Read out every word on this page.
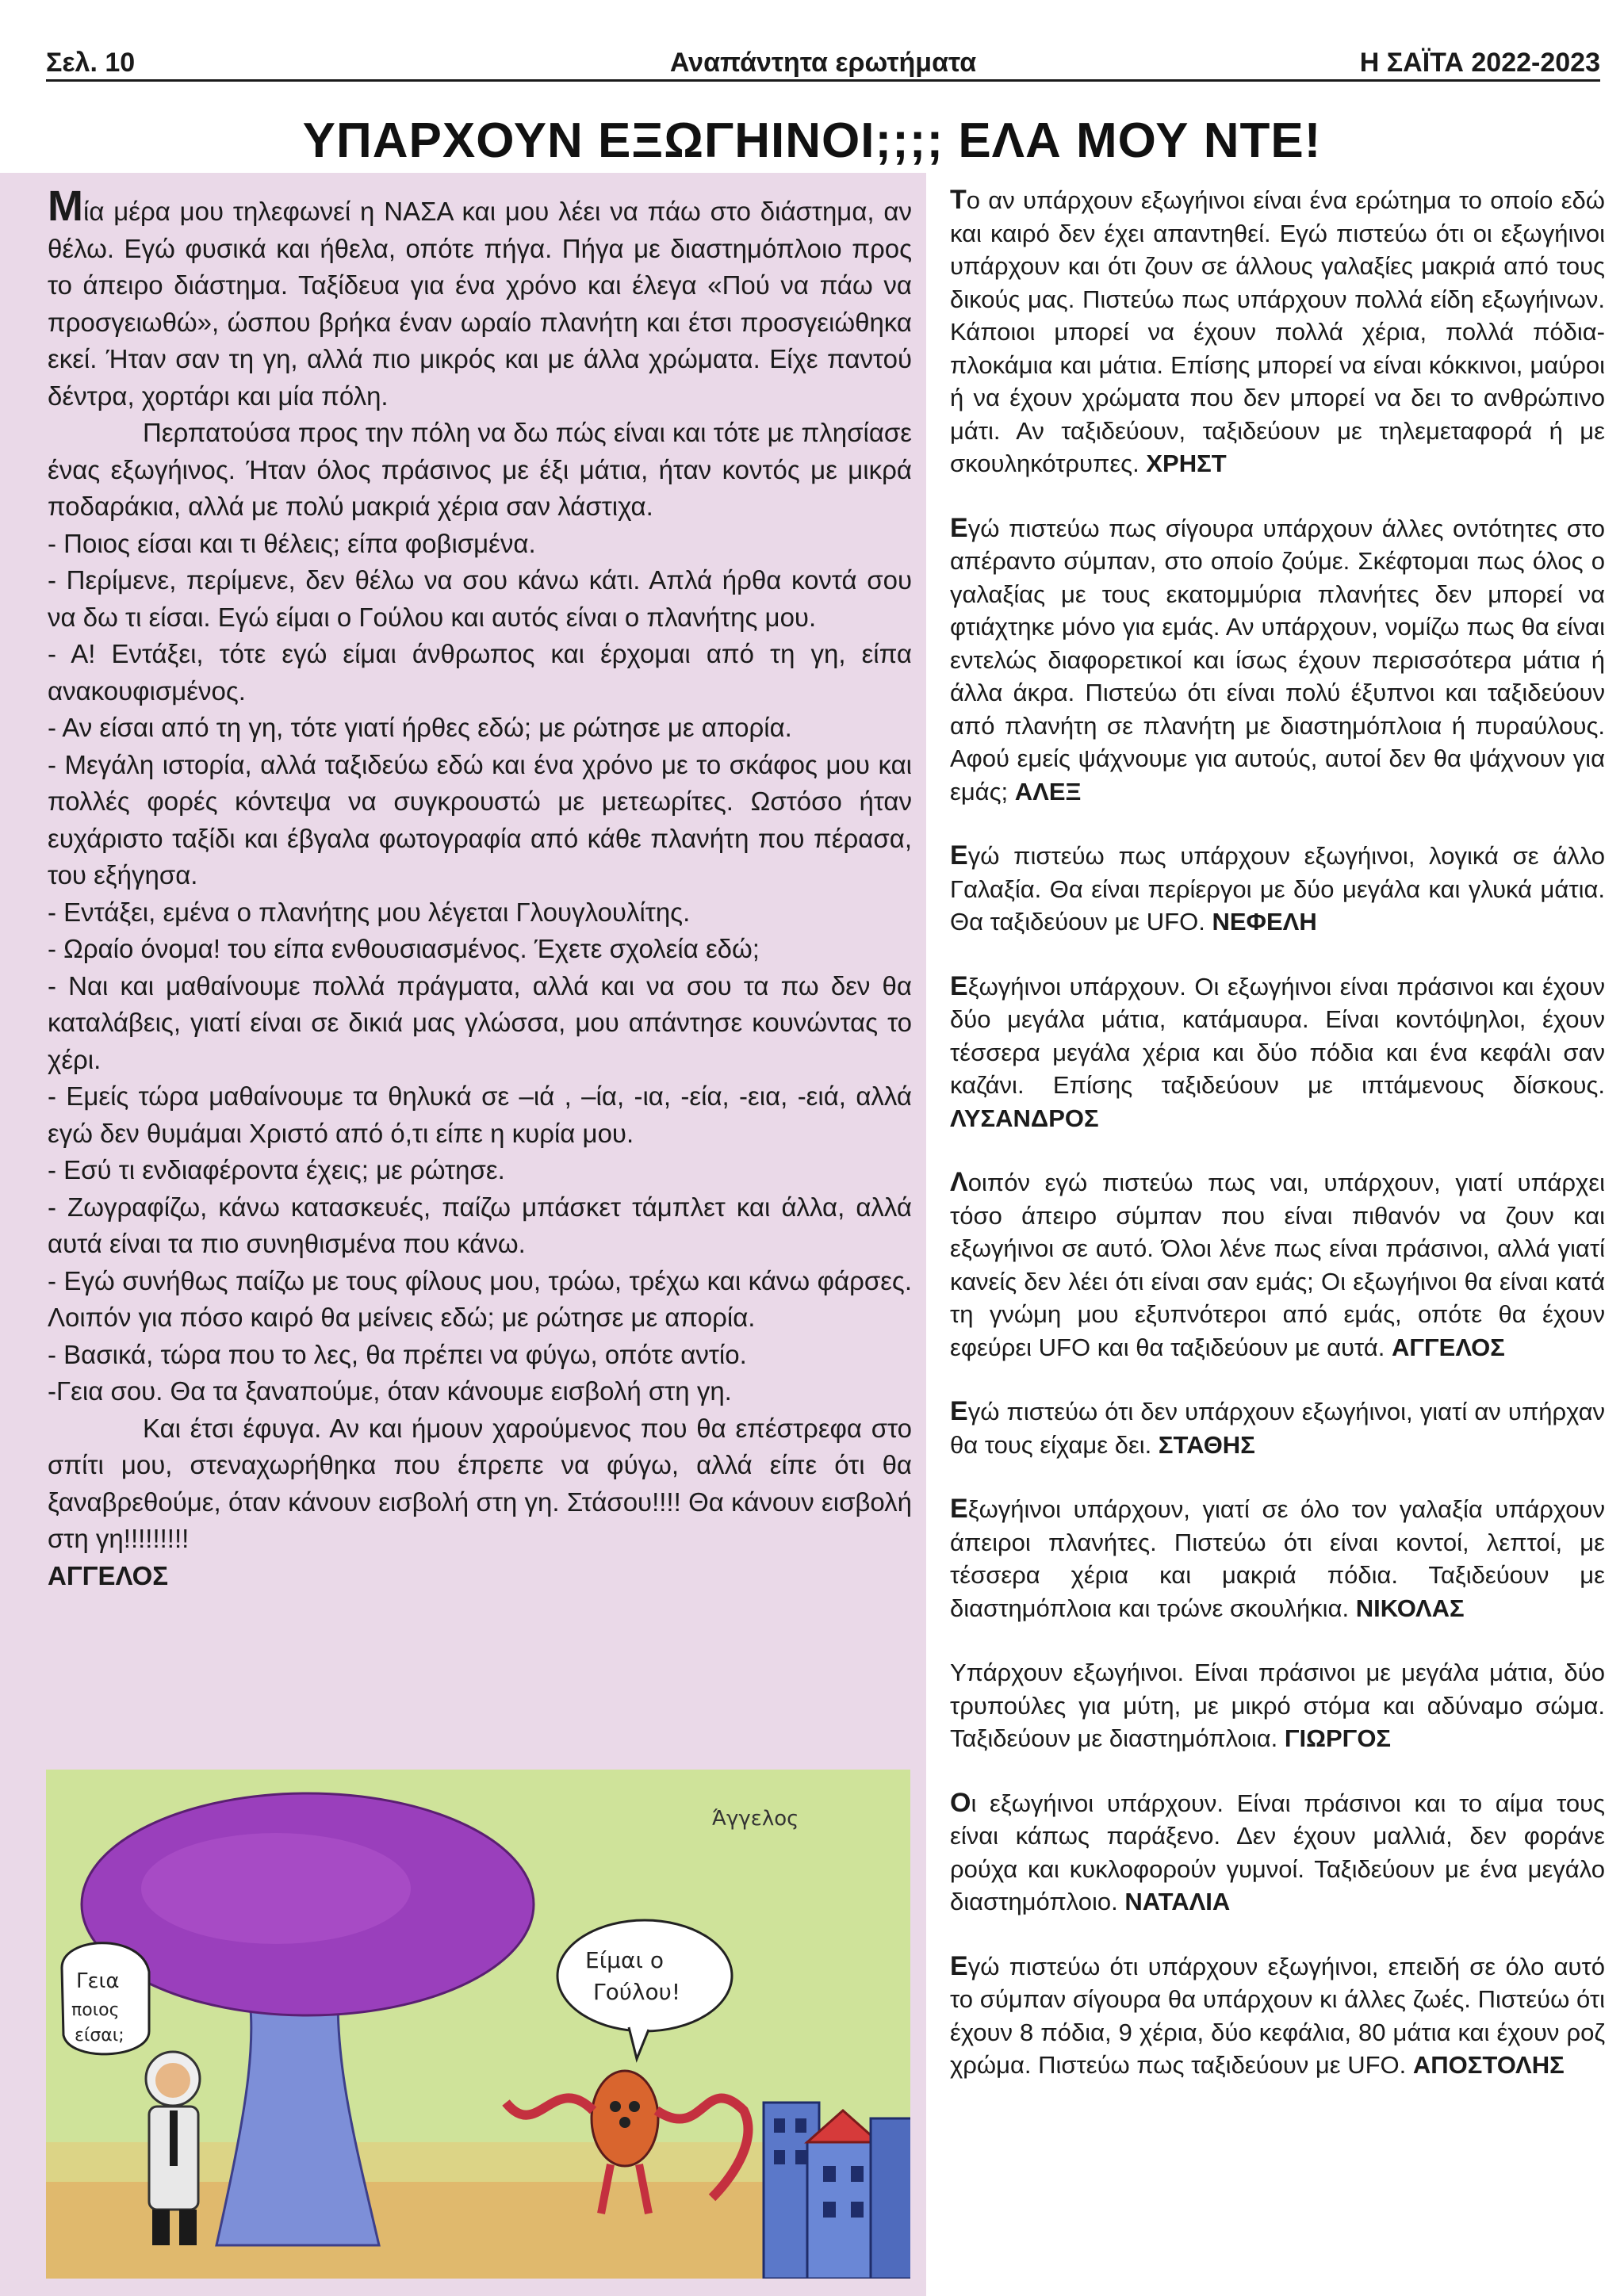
Σελ. 10	Αναπάντητα ερωτήματα	Η ΣΑΪΤΑ 2022-2023
ΥΠΑΡΧΟΥΝ ΕΞΩΓΗΙΝΟΙ;;;; ΕΛΑ ΜΟΥ ΝΤΕ!

Μία μέρα μου τηλεφωνεί η ΝΑΣΑ και μου λέει να πάω στο διάστημα, αν θέλω. Εγώ φυσικά και ήθελα, οπότε πήγα. Πήγα με διαστημόπλοιο προς το άπειρο διάστημα. Ταξίδευα για ένα χρόνο και έλεγα «Πού να πάω να προσγειωθώ», ώσπου βρήκα έναν ωραίο πλανήτη και έτσι προσγειώθηκα εκεί. Ήταν σαν τη γη, αλλά πιο μικρός και με άλλα χρώματα. Είχε παντού δέντρα, χορτάρι και μία πόλη.

Περπατούσα προς την πόλη να δω πώς είναι και τότε με πλησίασε ένας εξωγήινος. Ήταν όλος πράσινος με έξι μάτια, ήταν κοντός με μικρά ποδαράκια, αλλά με πολύ μακριά χέρια σαν λάστιχα.

- Ποιος είσαι και τι θέλεις; είπα φοβισμένα.

- Περίμενε, περίμενε, δεν θέλω να σου κάνω κάτι. Απλά ήρθα κοντά σου να δω τι είσαι. Εγώ είμαι ο Γούλου και αυτός είναι ο πλανήτης μου.

- Α! Εντάξει, τότε εγώ είμαι άνθρωπος και έρχομαι από τη γη, είπα ανακουφισμένος.

- Αν είσαι από τη γη, τότε γιατί ήρθες εδώ; με ρώτησε με απορία.

- Μεγάλη ιστορία, αλλά ταξιδεύω εδώ και ένα χρόνο με το σκάφος μου και πολλές φορές κόντεψα να συγκρουστώ με μετεωρίτες. Ωστόσο ήταν ευχάριστο ταξίδι και έβγαλα φωτογραφία από κάθε πλανήτη που πέρασα, του εξήγησα.

- Εντάξει, εμένα ο πλανήτης μου λέγεται Γλουγλουλίτης.

- Ωραίο όνομα! του είπα ενθουσιασμένος. Έχετε σχολεία εδώ;

- Ναι και μαθαίνουμε πολλά πράγματα, αλλά και να σου τα πω δεν θα καταλάβεις, γιατί είναι σε δικιά μας γλώσσα, μου απάντησε κουνώντας το χέρι.

- Εμείς τώρα μαθαίνουμε τα θηλυκά σε –ιά , –ία, -ια, -εία, -εια, -ειά, αλλά εγώ δεν θυμάμαι Χριστό από ό,τι είπε η κυρία μου.

- Εσύ τι ενδιαφέροντα έχεις; με ρώτησε.

- Ζωγραφίζω, κάνω κατασκευές, παίζω μπάσκετ τάμπλετ και άλλα, αλλά αυτά είναι τα πιο συνηθισμένα που κάνω.

- Εγώ συνήθως παίζω με τους φίλους μου, τρώω, τρέχω και κάνω φάρσες. Λοιπόν για πόσο καιρό θα μείνεις εδώ; με ρώτησε με απορία.

- Βασικά, τώρα που το λες, θα πρέπει να φύγω, οπότε αντίο.

-Γεια σου. Θα τα ξαναπούμε, όταν κάνουμε εισβολή στη γη.

Και έτσι έφυγα. Αν και ήμουν χαρούμενος που θα επέστρεφα στο σπίτι μου, στεναχωρήθηκα που έπρεπε να φύγω, αλλά είπε ότι θα ξαναβρεθούμε, όταν κάνουν εισβολή στη γη. Στάσου!!!! Θα κάνουν εισβολή στη γη!!!!!!!!!

ΑΓΓΕΛΟΣ

Γεια
ποιος
είσαι;
Είμαι ο
Γούλου!
Άγγελος

Το αν υπάρχουν εξωγήινοι είναι ένα ερώτημα το οποίο εδώ και καιρό δεν έχει απαντηθεί. Εγώ πιστεύω ότι οι εξωγήινοι υπάρχουν και ότι ζουν σε άλλους γαλαξίες μακριά από τους δικούς μας. Πιστεύω πως υπάρχουν πολλά είδη εξωγήινων. Κάποιοι μπορεί να έχουν πολλά χέρια, πολλά πόδια-πλοκάμια και μάτια. Επίσης μπορεί να είναι κόκκινοι, μαύροι ή να έχουν χρώματα που δεν μπορεί να δει το ανθρώπινο μάτι. Αν ταξιδεύουν, ταξιδεύουν με τηλεμεταφορά ή με σκουληκότρυπες. ΧΡΗΣΤ

Εγώ πιστεύω πως σίγουρα υπάρχουν άλλες οντότητες στο απέραντο σύμπαν, στο οποίο ζούμε. Σκέφτομαι πως όλος ο γαλαξίας με τους εκατομμύρια πλανήτες δεν μπορεί να φτιάχτηκε μόνο για εμάς. Αν υπάρχουν, νομίζω πως θα είναι εντελώς διαφορετικοί και ίσως έχουν περισσότερα μάτια ή άλλα άκρα. Πιστεύω ότι είναι πολύ έξυπνοι και ταξιδεύουν από πλανήτη σε πλανήτη με διαστημόπλοια ή πυραύλους. Αφού εμείς ψάχνουμε για αυτούς, αυτοί δεν θα ψάχνουν για εμάς; ΑΛΕΞ

Εγώ πιστεύω πως υπάρχουν εξωγήινοι, λογικά σε άλλο Γαλαξία. Θα είναι περίεργοι με δύο μεγάλα και γλυκά μάτια. Θα ταξιδεύουν με UFO. ΝΕΦΕΛΗ

Εξωγήινοι υπάρχουν. Οι εξωγήινοι είναι πράσινοι και έχουν δύο μεγάλα μάτια, κατάμαυρα. Είναι κοντόψηλοι, έχουν τέσσερα μεγάλα χέρια και δύο πόδια και ένα κεφάλι σαν καζάνι. Επίσης ταξιδεύουν με ιπτάμενους δίσκους. ΛΥΣΑΝΔΡΟΣ

Λοιπόν εγώ πιστεύω πως ναι, υπάρχουν, γιατί υπάρχει τόσο άπειρο σύμπαν που είναι πιθανόν να ζουν και εξωγήινοι σε αυτό. Όλοι λένε πως είναι πράσινοι, αλλά γιατί κανείς δεν λέει ότι είναι σαν εμάς; Οι εξωγήινοι θα είναι κατά τη γνώμη μου εξυπνότεροι από εμάς, οπότε θα έχουν εφεύρει UFO και θα ταξιδεύουν με αυτά. ΑΓΓΕΛΟΣ

Εγώ πιστεύω ότι δεν υπάρχουν εξωγήινοι, γιατί αν υπήρχαν θα τους είχαμε δει. ΣΤΑΘΗΣ

Εξωγήινοι υπάρχουν, γιατί σε όλο τον γαλαξία υπάρχουν άπειροι πλανήτες. Πιστεύω ότι είναι κοντοί, λεπτοί, με τέσσερα χέρια και μακριά πόδια. Ταξιδεύουν με διαστημόπλοια και τρώνε σκουλήκια. ΝΙΚΟΛΑΣ

Υπάρχουν εξωγήινοι. Είναι πράσινοι με μεγάλα μάτια, δύο τρυπούλες για μύτη, με μικρό στόμα και αδύναμο σώμα. Ταξιδεύουν με διαστημόπλοια. ΓΙΩΡΓΟΣ

Οι εξωγήινοι υπάρχουν. Είναι πράσινοι και το αίμα τους είναι κάπως παράξενο. Δεν έχουν μαλλιά, δεν φοράνε ρούχα και κυκλοφορούν γυμνοί. Ταξιδεύουν με ένα μεγάλο διαστημόπλοιο. ΝΑΤΑΛΙΑ

Εγώ πιστεύω ότι υπάρχουν εξωγήινοι, επειδή σε όλο αυτό το σύμπαν σίγουρα θα υπάρχουν κι άλλες ζωές. Πιστεύω ότι έχουν 8 πόδια, 9 χέρια, δύο κεφάλια, 80 μάτια και έχουν ροζ χρώμα. Πιστεύω πως ταξιδεύουν με UFO. ΑΠΟΣΤΟΛΗΣ
